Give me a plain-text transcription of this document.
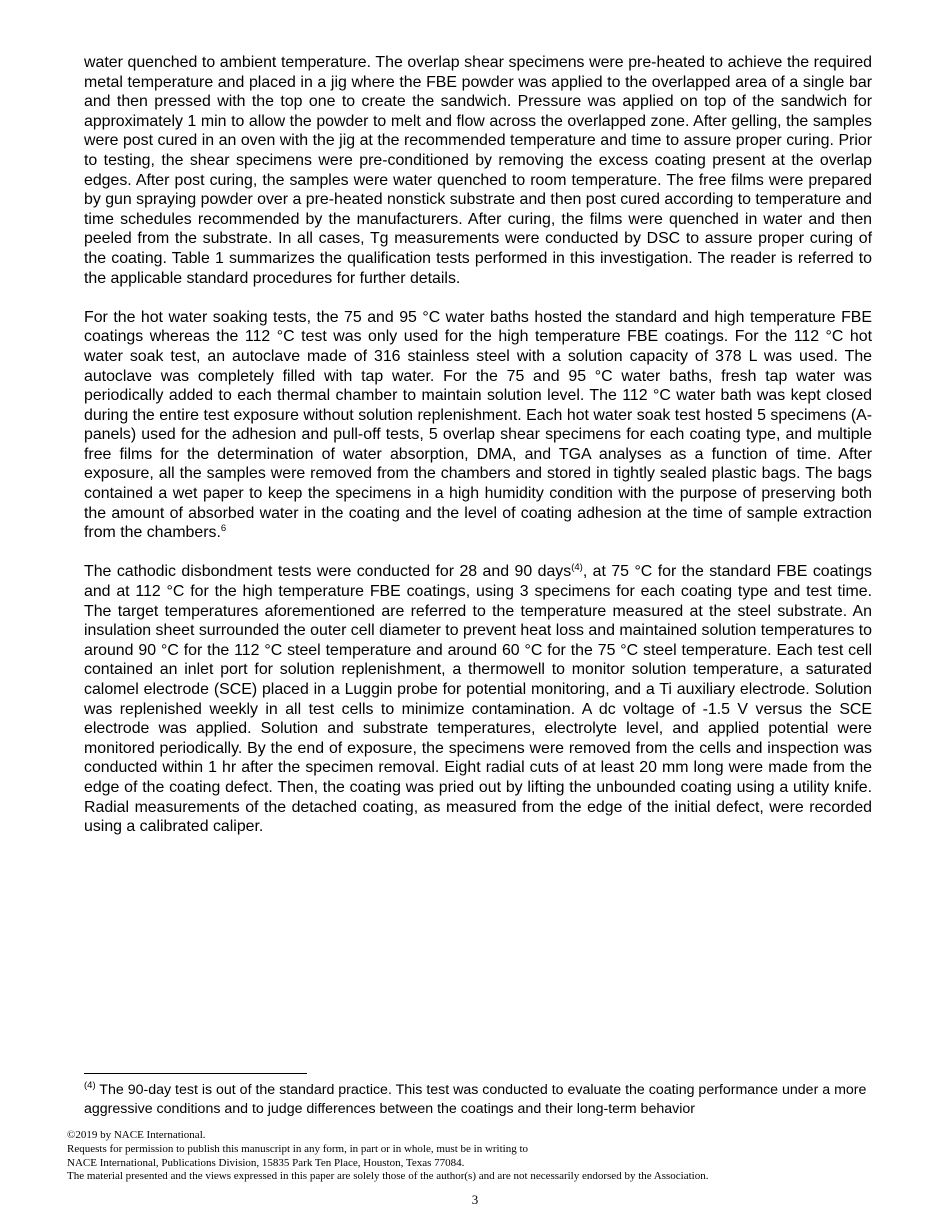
water quenched to ambient temperature. The overlap shear specimens were pre-heated to achieve the required metal temperature and placed in a jig where the FBE powder was applied to the overlapped area of a single bar and then pressed with the top one to create the sandwich. Pressure was applied on top of the sandwich for approximately 1 min to allow the powder to melt and flow across the overlapped zone. After gelling, the samples were post cured in an oven with the jig at the recommended temperature and time to assure proper curing. Prior to testing, the shear specimens were pre-conditioned by removing the excess coating present at the overlap edges. After post curing, the samples were water quenched to room temperature. The free films were prepared by gun spraying powder over a pre-heated nonstick substrate and then post cured according to temperature and time schedules recommended by the manufacturers. After curing, the films were quenched in water and then peeled from the substrate. In all cases, Tg measurements were conducted by DSC to assure proper curing of the coating. Table 1 summarizes the qualification tests performed in this investigation. The reader is referred to the applicable standard procedures for further details.

For the hot water soaking tests, the 75 and 95 °C water baths hosted the standard and high temperature FBE coatings whereas the 112 °C test was only used for the high temperature FBE coatings. For the 112 °C hot water soak test, an autoclave made of 316 stainless steel with a solution capacity of 378 L was used. The autoclave was completely filled with tap water. For the 75 and 95 °C water baths, fresh tap water was periodically added to each thermal chamber to maintain solution level. The 112 °C water bath was kept closed during the entire test exposure without solution replenishment. Each hot water soak test hosted 5 specimens (A-panels) used for the adhesion and pull-off tests, 5 overlap shear specimens for each coating type, and multiple free films for the determination of water absorption, DMA, and TGA analyses as a function of time. After exposure, all the samples were removed from the chambers and stored in tightly sealed plastic bags. The bags contained a wet paper to keep the specimens in a high humidity condition with the purpose of preserving both the amount of absorbed water in the coating and the level of coating adhesion at the time of sample extraction from the chambers.$^6$

The cathodic disbondment tests were conducted for 28 and 90 days$^{(4)}$, at 75 °C for the standard FBE coatings and at 112 °C for the high temperature FBE coatings, using 3 specimens for each coating type and test time. The target temperatures aforementioned are referred to the temperature measured at the steel substrate. An insulation sheet surrounded the outer cell diameter to prevent heat loss and maintained solution temperatures to around 90 °C for the 112 °C steel temperature and around 60 °C for the 75 °C steel temperature. Each test cell contained an inlet port for solution replenishment, a thermowell to monitor solution temperature, a saturated calomel electrode (SCE) placed in a Luggin probe for potential monitoring, and a Ti auxiliary electrode. Solution was replenished weekly in all test cells to minimize contamination. A dc voltage of -1.5 V versus the SCE electrode was applied. Solution and substrate temperatures, electrolyte level, and applied potential were monitored periodically. By the end of exposure, the specimens were removed from the cells and inspection was conducted within 1 hr after the specimen removal. Eight radial cuts of at least 20 mm long were made from the edge of the coating defect. Then, the coating was pried out by lifting the unbounded coating using a utility knife. Radial measurements of the detached coating, as measured from the edge of the initial defect, were recorded using a calibrated caliper.

$^{(4)}$ The 90-day test is out of the standard practice. This test was conducted to evaluate the coating performance under a more aggressive conditions and to judge differences between the coatings and their long-term behavior

©2019 by NACE International.
Requests for permission to publish this manuscript in any form, in part or in whole, must be in writing to
NACE International, Publications Division, 15835 Park Ten Place, Houston, Texas 77084.
The material presented and the views expressed in this paper are solely those of the author(s) and are not necessarily endorsed by the Association.
3
